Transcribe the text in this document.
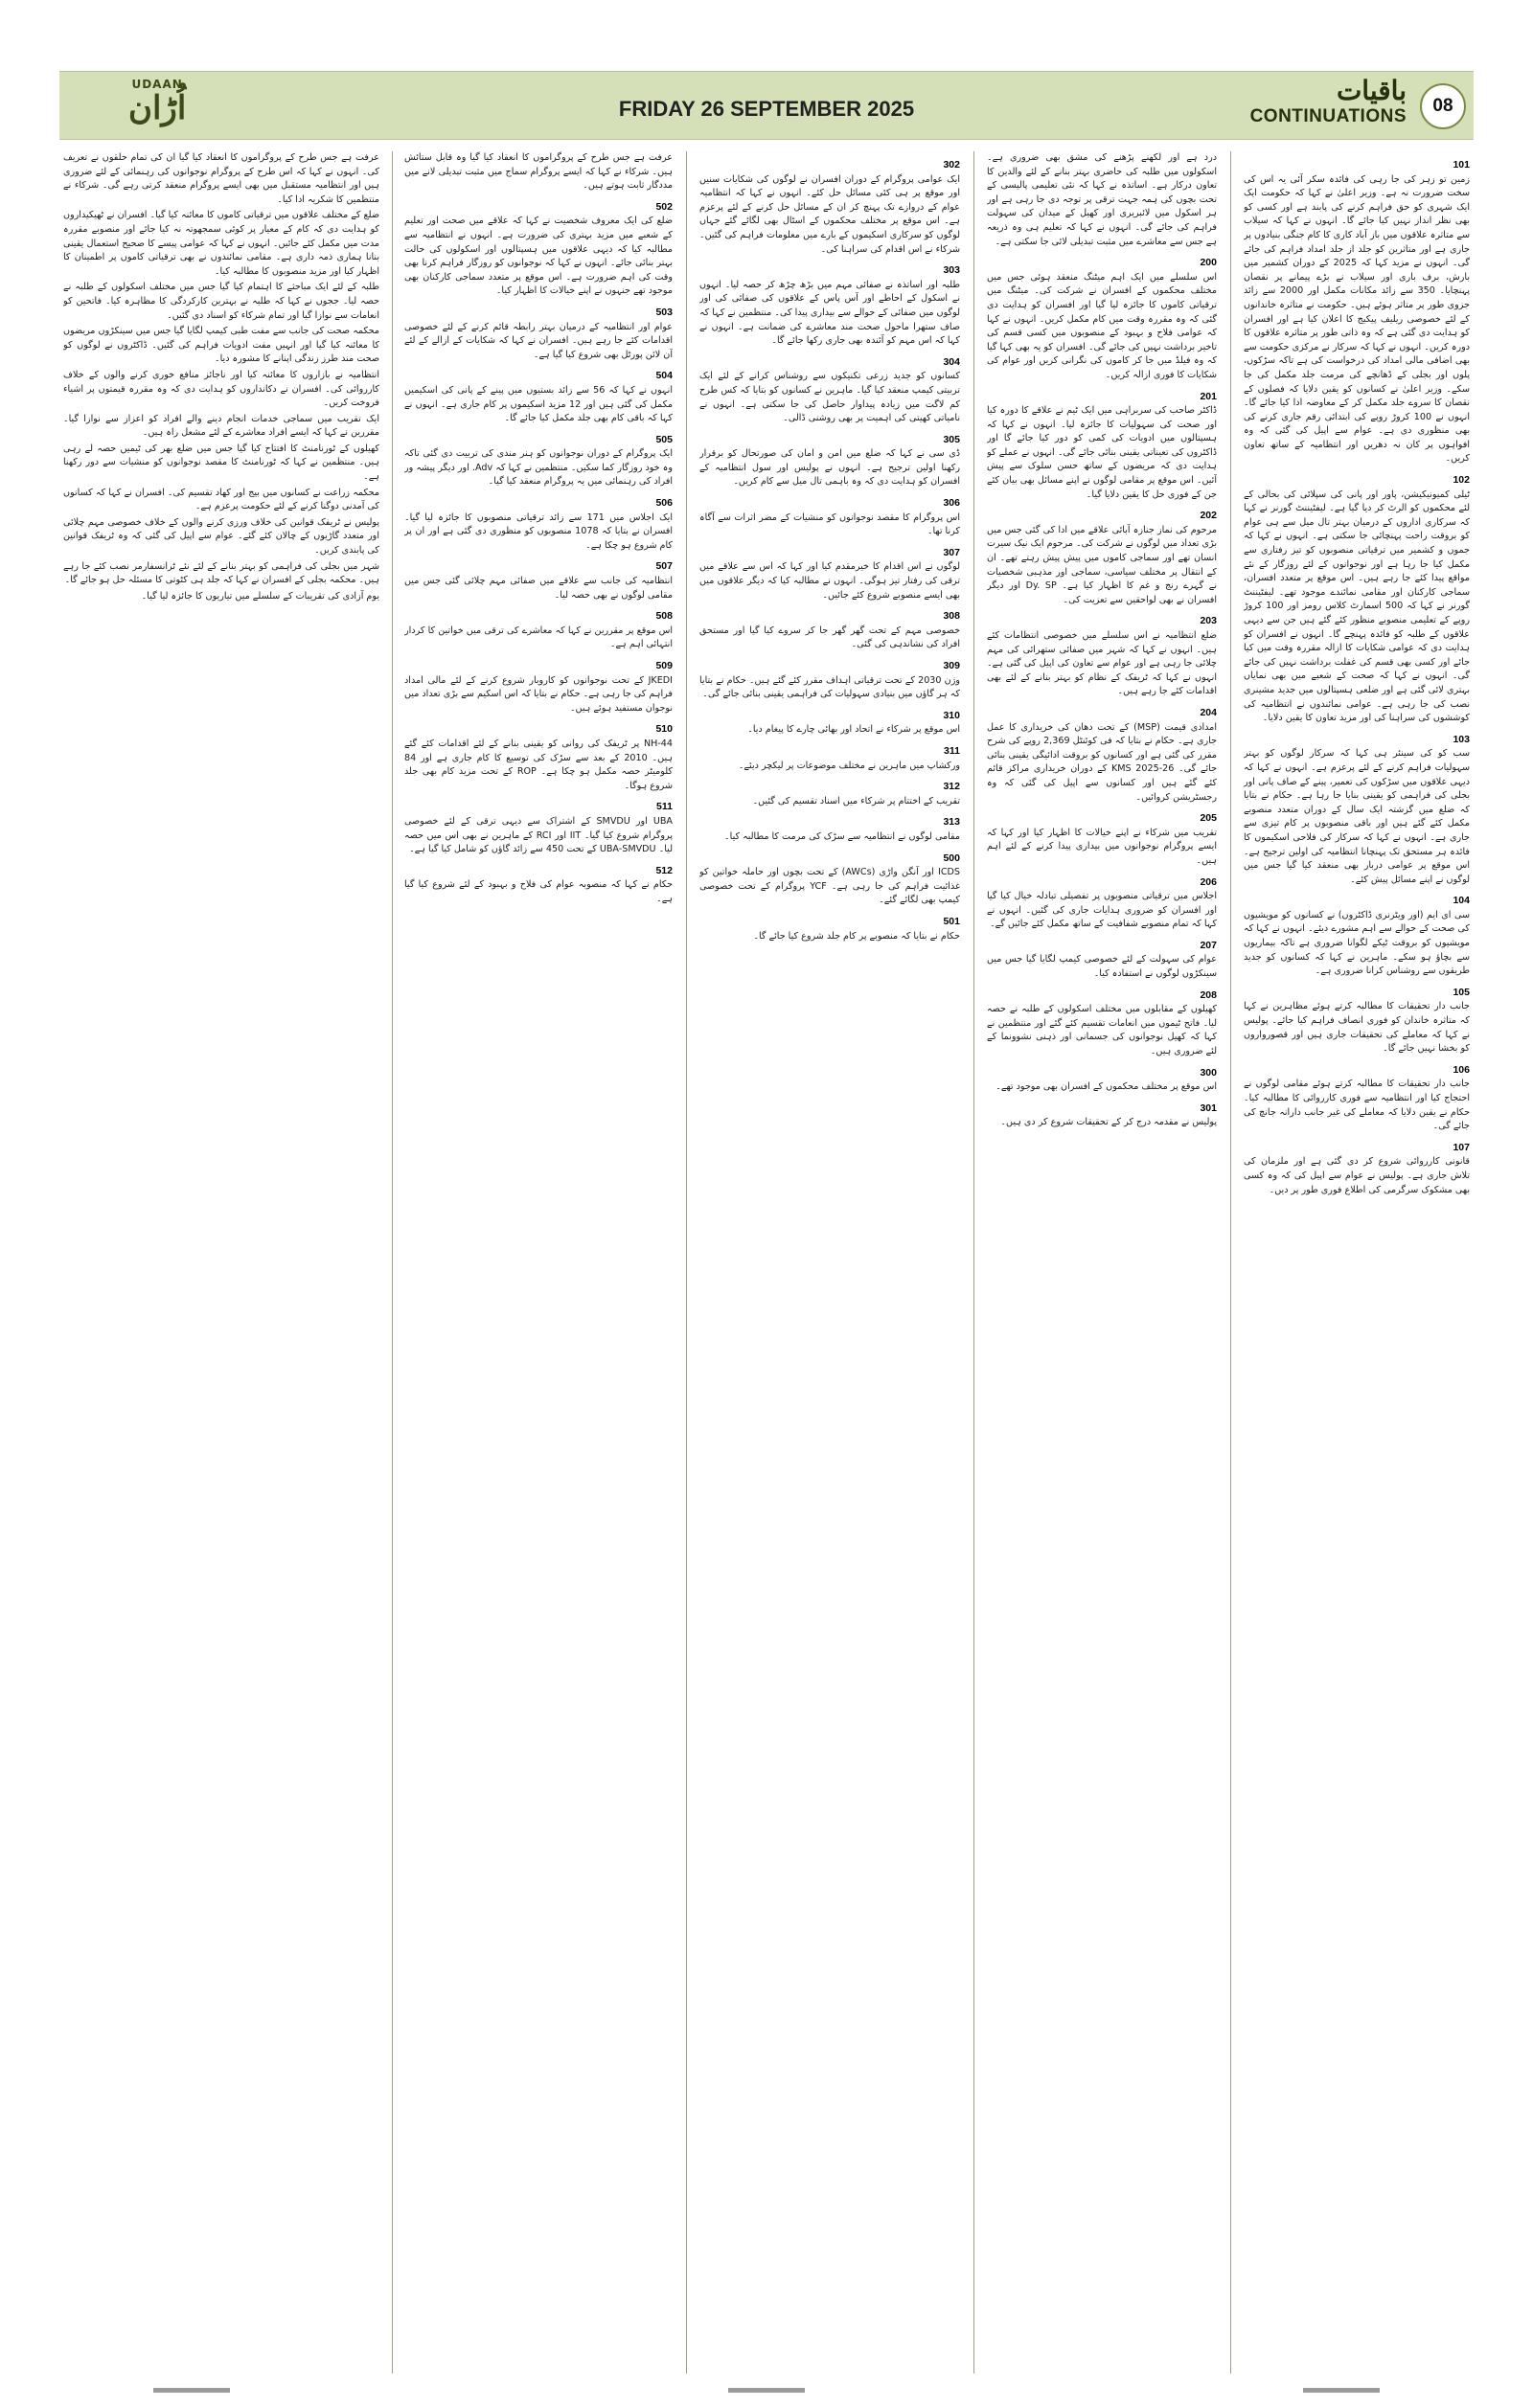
UDAAN
اُڑان	FRIDAY 26 SEPTEMBER 2025
باقیات
CONTINUATIONS
08
101

زمین تو زہر کی جا رہی کی فائدہ سکر آئی یہ اس کی سخت ضرورت نہ ہے۔ وزیر اعلیٰ نے کہا کہ حکومت ایک ایک شہری کو حق فراہم کرنے کی پابند ہے اور کسی کو بھی نظر انداز نہیں کیا جائے گا۔ انہوں نے کہا کہ سیلاب سے متاثرہ علاقوں میں باز آباد کاری کا کام جنگی بنیادوں پر جاری ہے اور متاثرین کو جلد از جلد امداد فراہم کی جائے گی۔ انہوں نے مزید کہا کہ 2025 کے دوران کشمیر میں بارش، برف باری اور سیلاب نے بڑے پیمانے پر نقصان پہنچایا۔ 350 سے زائد مکانات مکمل اور 2000 سے زائد جزوی طور پر متاثر ہوئے ہیں۔ حکومت نے متاثرہ خاندانوں کے لئے خصوصی ریلیف پیکیج کا اعلان کیا ہے اور افسران کو ہدایت دی گئی ہے کہ وہ ذاتی طور پر متاثرہ علاقوں کا دورہ کریں۔ انہوں نے کہا کہ سرکار نے مرکزی حکومت سے بھی اضافی مالی امداد کی درخواست کی ہے تاکہ سڑکوں، پلوں اور بجلی کے ڈھانچے کی مرمت جلد مکمل کی جا سکے۔ وزیر اعلیٰ نے کسانوں کو یقین دلایا کہ فصلوں کے نقصان کا سروے جلد مکمل کر کے معاوضہ ادا کیا جائے گا۔ انہوں نے 100 کروڑ روپے کی ابتدائی رقم جاری کرنے کی بھی منظوری دی ہے۔ عوام سے اپیل کی گئی کہ وہ افواہوں پر کان نہ دھریں اور انتظامیہ کے ساتھ تعاون کریں۔

102

ٹیلی کمیونیکیشن، پاور اور پانی کی سپلائی کی بحالی کے لئے محکموں کو الرٹ کر دیا گیا ہے۔ لیفٹیننٹ گورنر نے کہا کہ سرکاری اداروں کے درمیان بہتر تال میل سے ہی عوام کو بروقت راحت پہنچائی جا سکتی ہے۔ انہوں نے کہا کہ جموں و کشمیر میں ترقیاتی منصوبوں کو تیز رفتاری سے مکمل کیا جا رہا ہے اور نوجوانوں کے لئے روزگار کے نئے مواقع پیدا کئے جا رہے ہیں۔ اس موقع پر متعدد افسران، سماجی کارکنان اور مقامی نمائندے موجود تھے۔ لیفٹیننٹ گورنر نے کہا کہ 500 اسمارٹ کلاس رومز اور 100 کروڑ روپے کے تعلیمی منصوبے منظور کئے گئے ہیں جن سے دیہی علاقوں کے طلبہ کو فائدہ پہنچے گا۔ انہوں نے افسران کو ہدایت دی کہ عوامی شکایات کا ازالہ مقررہ وقت میں کیا جائے اور کسی بھی قسم کی غفلت برداشت نہیں کی جائے گی۔ انہوں نے کہا کہ صحت کے شعبے میں بھی نمایاں بہتری لائی گئی ہے اور ضلعی ہسپتالوں میں جدید مشینری نصب کی جا رہی ہے۔ عوامی نمائندوں نے انتظامیہ کی کوششوں کی سراہنا کی اور مزید تعاون کا یقین دلایا۔

103

سب کو کی سینئر ہی کہا کہ سرکار لوگوں کو بہتر سہولیات فراہم کرنے کے لئے پرعزم ہے۔ انہوں نے کہا کہ دیہی علاقوں میں سڑکوں کی تعمیر، پینے کے صاف پانی اور بجلی کی فراہمی کو یقینی بنایا جا رہا ہے۔ حکام نے بتایا کہ ضلع میں گزشتہ ایک سال کے دوران متعدد منصوبے مکمل کئے گئے ہیں اور باقی منصوبوں پر کام تیزی سے جاری ہے۔ انہوں نے کہا کہ سرکار کی فلاحی اسکیموں کا فائدہ ہر مستحق تک پہنچانا انتظامیہ کی اولین ترجیح ہے۔ اس موقع پر عوامی دربار بھی منعقد کیا گیا جس میں لوگوں نے اپنے مسائل پیش کئے۔

104

سی ای ایم (اور ویٹرنری ڈاکٹروں) نے کسانوں کو مویشیوں کی صحت کے حوالے سے اہم مشورے دیئے۔ انہوں نے کہا کہ مویشیوں کو بروقت ٹیکے لگوانا ضروری ہے تاکہ بیماریوں سے بچاؤ ہو سکے۔ ماہرین نے کہا کہ کسانوں کو جدید طریقوں سے روشناس کرانا ضروری ہے۔

105

جانب دار تحقیقات کا مطالبہ کرتے ہوئے مظاہرین نے کہا کہ متاثرہ خاندان کو فوری انصاف فراہم کیا جائے۔ پولیس نے کہا کہ معاملے کی تحقیقات جاری ہیں اور قصورواروں کو بخشا نہیں جائے گا۔

106

جانب دار تحقیقات کا مطالبہ کرتے ہوئے مقامی لوگوں نے احتجاج کیا اور انتظامیہ سے فوری کارروائی کا مطالبہ کیا۔ حکام نے یقین دلایا کہ معاملے کی غیر جانب دارانہ جانچ کی جائے گی۔

107

قانونی کارروائی شروع کر دی گئی ہے اور ملزمان کی تلاش جاری ہے۔ پولیس نے عوام سے اپیل کی کہ وہ کسی بھی مشکوک سرگرمی کی اطلاع فوری طور پر دیں۔

درد ہے اور لکھنے پڑھنے کی مشق بھی ضروری ہے۔ اسکولوں میں طلبہ کی حاضری بہتر بنانے کے لئے والدین کا تعاون درکار ہے۔ اساتذہ نے کہا کہ نئی تعلیمی پالیسی کے تحت بچوں کی ہمہ جہت ترقی پر توجہ دی جا رہی ہے اور ہر اسکول میں لائبریری اور کھیل کے میدان کی سہولت فراہم کی جائے گی۔ انہوں نے کہا کہ تعلیم ہی وہ ذریعہ ہے جس سے معاشرے میں مثبت تبدیلی لائی جا سکتی ہے۔

200

اس سلسلے میں ایک اہم میٹنگ منعقد ہوئی جس میں مختلف محکموں کے افسران نے شرکت کی۔ میٹنگ میں ترقیاتی کاموں کا جائزہ لیا گیا اور افسران کو ہدایت دی گئی کہ وہ مقررہ وقت میں کام مکمل کریں۔ انہوں نے کہا کہ عوامی فلاح و بہبود کے منصوبوں میں کسی قسم کی تاخیر برداشت نہیں کی جائے گی۔ افسران کو یہ بھی کہا گیا کہ وہ فیلڈ میں جا کر کاموں کی نگرانی کریں اور عوام کی شکایات کا فوری ازالہ کریں۔

201

ڈاکٹر صاحب کی سربراہی میں ایک ٹیم نے علاقے کا دورہ کیا اور صحت کی سہولیات کا جائزہ لیا۔ انہوں نے کہا کہ ہسپتالوں میں ادویات کی کمی کو دور کیا جائے گا اور ڈاکٹروں کی تعیناتی یقینی بنائی جائے گی۔ انہوں نے عملے کو ہدایت دی کہ مریضوں کے ساتھ حسن سلوک سے پیش آئیں۔ اس موقع پر مقامی لوگوں نے اپنے مسائل بھی بیان کئے جن کے فوری حل کا یقین دلایا گیا۔

202

مرحوم کی نماز جنازہ آبائی علاقے میں ادا کی گئی جس میں بڑی تعداد میں لوگوں نے شرکت کی۔ مرحوم ایک نیک سیرت انسان تھے اور سماجی کاموں میں پیش پیش رہتے تھے۔ ان کے انتقال پر مختلف سیاسی، سماجی اور مذہبی شخصیات نے گہرے رنج و غم کا اظہار کیا ہے۔ Dy. SP اور دیگر افسران نے بھی لواحقین سے تعزیت کی۔

203

ضلع انتظامیہ نے اس سلسلے میں خصوصی انتظامات کئے ہیں۔ انہوں نے کہا کہ شہر میں صفائی ستھرائی کی مہم چلائی جا رہی ہے اور عوام سے تعاون کی اپیل کی گئی ہے۔ انہوں نے کہا کہ ٹریفک کے نظام کو بہتر بنانے کے لئے بھی اقدامات کئے جا رہے ہیں۔

204

امدادی قیمت (MSP) کے تحت دھان کی خریداری کا عمل جاری ہے۔ حکام نے بتایا کہ فی کوئنٹل 2,369 روپے کی شرح مقرر کی گئی ہے اور کسانوں کو بروقت ادائیگی یقینی بنائی جائے گی۔ KMS 2025-26 کے دوران خریداری مراکز قائم کئے گئے ہیں اور کسانوں سے اپیل کی گئی کہ وہ رجسٹریشن کروائیں۔

205

تقریب میں شرکاء نے اپنے خیالات کا اظہار کیا اور کہا کہ ایسے پروگرام نوجوانوں میں بیداری پیدا کرنے کے لئے اہم ہیں۔

206

اجلاس میں ترقیاتی منصوبوں پر تفصیلی تبادلہ خیال کیا گیا اور افسران کو ضروری ہدایات جاری کی گئیں۔ انہوں نے کہا کہ تمام منصوبے شفافیت کے ساتھ مکمل کئے جائیں گے۔

207

عوام کی سہولت کے لئے خصوصی کیمپ لگایا گیا جس میں سینکڑوں لوگوں نے استفادہ کیا۔

208

کھیلوں کے مقابلوں میں مختلف اسکولوں کے طلبہ نے حصہ لیا۔ فاتح ٹیموں میں انعامات تقسیم کئے گئے اور منتظمین نے کہا کہ کھیل نوجوانوں کی جسمانی اور ذہنی نشوونما کے لئے ضروری ہیں۔

300

اس موقع پر مختلف محکموں کے افسران بھی موجود تھے۔

301

پولیس نے مقدمہ درج کر کے تحقیقات شروع کر دی ہیں۔

302

ایک عوامی پروگرام کے دوران افسران نے لوگوں کی شکایات سنیں اور موقع پر ہی کئی مسائل حل کئے۔ انہوں نے کہا کہ انتظامیہ عوام کے دروازے تک پہنچ کر ان کے مسائل حل کرنے کے لئے پرعزم ہے۔ اس موقع پر مختلف محکموں کے اسٹال بھی لگائے گئے جہاں لوگوں کو سرکاری اسکیموں کے بارے میں معلومات فراہم کی گئیں۔ شرکاء نے اس اقدام کی سراہنا کی۔

303

طلبہ اور اساتذہ نے صفائی مہم میں بڑھ چڑھ کر حصہ لیا۔ انہوں نے اسکول کے احاطے اور آس پاس کے علاقوں کی صفائی کی اور لوگوں میں صفائی کے حوالے سے بیداری پیدا کی۔ منتظمین نے کہا کہ صاف ستھرا ماحول صحت مند معاشرے کی ضمانت ہے۔ انہوں نے کہا کہ اس مہم کو آئندہ بھی جاری رکھا جائے گا۔

304

کسانوں کو جدید زرعی تکنیکوں سے روشناس کرانے کے لئے ایک تربیتی کیمپ منعقد کیا گیا۔ ماہرین نے کسانوں کو بتایا کہ کس طرح کم لاگت میں زیادہ پیداوار حاصل کی جا سکتی ہے۔ انہوں نے نامیاتی کھیتی کی اہمیت پر بھی روشنی ڈالی۔

305

ڈی سی نے کہا کہ ضلع میں امن و امان کی صورتحال کو برقرار رکھنا اولین ترجیح ہے۔ انہوں نے پولیس اور سول انتظامیہ کے افسران کو ہدایت دی کہ وہ باہمی تال میل سے کام کریں۔

306

اس پروگرام کا مقصد نوجوانوں کو منشیات کے مضر اثرات سے آگاہ کرنا تھا۔

307

لوگوں نے اس اقدام کا خیرمقدم کیا اور کہا کہ اس سے علاقے میں ترقی کی رفتار تیز ہوگی۔ انہوں نے مطالبہ کیا کہ دیگر علاقوں میں بھی ایسے منصوبے شروع کئے جائیں۔

308

خصوصی مہم کے تحت گھر گھر جا کر سروے کیا گیا اور مستحق افراد کی نشاندہی کی گئی۔

309

وژن 2030 کے تحت ترقیاتی اہداف مقرر کئے گئے ہیں۔ حکام نے بتایا کہ ہر گاؤں میں بنیادی سہولیات کی فراہمی یقینی بنائی جائے گی۔

310

اس موقع پر شرکاء نے اتحاد اور بھائی چارے کا پیغام دیا۔

311

ورکشاپ میں ماہرین نے مختلف موضوعات پر لیکچر دیئے۔

312

تقریب کے اختتام پر شرکاء میں اسناد تقسیم کی گئیں۔

313

مقامی لوگوں نے انتظامیہ سے سڑک کی مرمت کا مطالبہ کیا۔

500

ICDS اور آنگن واڑی (AWCs) کے تحت بچوں اور حاملہ خواتین کو غذائیت فراہم کی جا رہی ہے۔ YCF پروگرام کے تحت خصوصی کیمپ بھی لگائے گئے۔

501

حکام نے بتایا کہ منصوبے پر کام جلد شروع کیا جائے گا۔

عرفت ہے جس طرح کے پروگراموں کا انعقاد کیا گیا وہ قابل ستائش ہیں۔ شرکاء نے کہا کہ ایسے پروگرام سماج میں مثبت تبدیلی لانے میں مددگار ثابت ہوتے ہیں۔

502

ضلع کی ایک معروف شخصیت نے کہا کہ علاقے میں صحت اور تعلیم کے شعبے میں مزید بہتری کی ضرورت ہے۔ انہوں نے انتظامیہ سے مطالبہ کیا کہ دیہی علاقوں میں ہسپتالوں اور اسکولوں کی حالت بہتر بنائی جائے۔ انہوں نے کہا کہ نوجوانوں کو روزگار فراہم کرنا بھی وقت کی اہم ضرورت ہے۔ اس موقع پر متعدد سماجی کارکنان بھی موجود تھے جنہوں نے اپنے خیالات کا اظہار کیا۔

503

عوام اور انتظامیہ کے درمیان بہتر رابطہ قائم کرنے کے لئے خصوصی اقدامات کئے جا رہے ہیں۔ افسران نے کہا کہ شکایات کے ازالے کے لئے آن لائن پورٹل بھی شروع کیا گیا ہے۔

504

انہوں نے کہا کہ 56 سے زائد بستیوں میں پینے کے پانی کی اسکیمیں مکمل کی گئی ہیں اور 12 مزید اسکیموں پر کام جاری ہے۔ انہوں نے کہا کہ باقی کام بھی جلد مکمل کیا جائے گا۔

505

ایک پروگرام کے دوران نوجوانوں کو ہنر مندی کی تربیت دی گئی تاکہ وہ خود روزگار کما سکیں۔ منتظمین نے کہا کہ Adv. اور دیگر پیشہ ور افراد کی رہنمائی میں یہ پروگرام منعقد کیا گیا۔

506

ایک اجلاس میں 171 سے زائد ترقیاتی منصوبوں کا جائزہ لیا گیا۔ افسران نے بتایا کہ 1078 منصوبوں کو منظوری دی گئی ہے اور ان پر کام شروع ہو چکا ہے۔

507

انتظامیہ کی جانب سے علاقے میں صفائی مہم چلائی گئی جس میں مقامی لوگوں نے بھی حصہ لیا۔

508

اس موقع پر مقررین نے کہا کہ معاشرے کی ترقی میں خواتین کا کردار انتہائی اہم ہے۔

509

JKEDI کے تحت نوجوانوں کو کاروبار شروع کرنے کے لئے مالی امداد فراہم کی جا رہی ہے۔ حکام نے بتایا کہ اس اسکیم سے بڑی تعداد میں نوجوان مستفید ہوئے ہیں۔

510

NH-44 پر ٹریفک کی روانی کو یقینی بنانے کے لئے اقدامات کئے گئے ہیں۔ 2010 کے بعد سے سڑک کی توسیع کا کام جاری ہے اور 84 کلومیٹر حصہ مکمل ہو چکا ہے۔ ROP کے تحت مزید کام بھی جلد شروع ہوگا۔

511

UBA اور SMVDU کے اشتراک سے دیہی ترقی کے لئے خصوصی پروگرام شروع کیا گیا۔ IIT اور RCI کے ماہرین نے بھی اس میں حصہ لیا۔ UBA-SMVDU کے تحت 450 سے زائد گاؤں کو شامل کیا گیا ہے۔

512

حکام نے کہا کہ منصوبہ عوام کی فلاح و بہبود کے لئے شروع کیا گیا ہے۔

عرفت ہے جس طرح کے پروگراموں کا انعقاد کیا گیا ان کی تمام حلقوں نے تعریف کی۔ انہوں نے کہا کہ اس طرح کے پروگرام نوجوانوں کی رہنمائی کے لئے ضروری ہیں اور انتظامیہ مستقبل میں بھی ایسے پروگرام منعقد کرتی رہے گی۔ شرکاء نے منتظمین کا شکریہ ادا کیا۔

ضلع کے مختلف علاقوں میں ترقیاتی کاموں کا معائنہ کیا گیا۔ افسران نے ٹھیکیداروں کو ہدایت دی کہ کام کے معیار پر کوئی سمجھوتہ نہ کیا جائے اور منصوبے مقررہ مدت میں مکمل کئے جائیں۔ انہوں نے کہا کہ عوامی پیسے کا صحیح استعمال یقینی بنانا ہماری ذمہ داری ہے۔ مقامی نمائندوں نے بھی ترقیاتی کاموں پر اطمینان کا اظہار کیا اور مزید منصوبوں کا مطالبہ کیا۔

طلبہ کے لئے ایک مباحثے کا اہتمام کیا گیا جس میں مختلف اسکولوں کے طلبہ نے حصہ لیا۔ ججوں نے کہا کہ طلبہ نے بہترین کارکردگی کا مظاہرہ کیا۔ فاتحین کو انعامات سے نوازا گیا اور تمام شرکاء کو اسناد دی گئیں۔

محکمہ صحت کی جانب سے مفت طبی کیمپ لگایا گیا جس میں سینکڑوں مریضوں کا معائنہ کیا گیا اور انہیں مفت ادویات فراہم کی گئیں۔ ڈاکٹروں نے لوگوں کو صحت مند طرز زندگی اپنانے کا مشورہ دیا۔

انتظامیہ نے بازاروں کا معائنہ کیا اور ناجائز منافع خوری کرنے والوں کے خلاف کارروائی کی۔ افسران نے دکانداروں کو ہدایت دی کہ وہ مقررہ قیمتوں پر اشیاء فروخت کریں۔

ایک تقریب میں سماجی خدمات انجام دینے والے افراد کو اعزاز سے نوازا گیا۔ مقررین نے کہا کہ ایسے افراد معاشرے کے لئے مشعل راہ ہیں۔

کھیلوں کے ٹورنامنٹ کا افتتاح کیا گیا جس میں ضلع بھر کی ٹیمیں حصہ لے رہی ہیں۔ منتظمین نے کہا کہ ٹورنامنٹ کا مقصد نوجوانوں کو منشیات سے دور رکھنا ہے۔

محکمہ زراعت نے کسانوں میں بیج اور کھاد تقسیم کی۔ افسران نے کہا کہ کسانوں کی آمدنی دوگنا کرنے کے لئے حکومت پرعزم ہے۔

پولیس نے ٹریفک قوانین کی خلاف ورزی کرنے والوں کے خلاف خصوصی مہم چلائی اور متعدد گاڑیوں کے چالان کئے گئے۔ عوام سے اپیل کی گئی کہ وہ ٹریفک قوانین کی پابندی کریں۔

شہر میں بجلی کی فراہمی کو بہتر بنانے کے لئے نئے ٹرانسفارمر نصب کئے جا رہے ہیں۔ محکمہ بجلی کے افسران نے کہا کہ جلد ہی کٹوتی کا مسئلہ حل ہو جائے گا۔

یوم آزادی کی تقریبات کے سلسلے میں تیاریوں کا جائزہ لیا گیا۔
